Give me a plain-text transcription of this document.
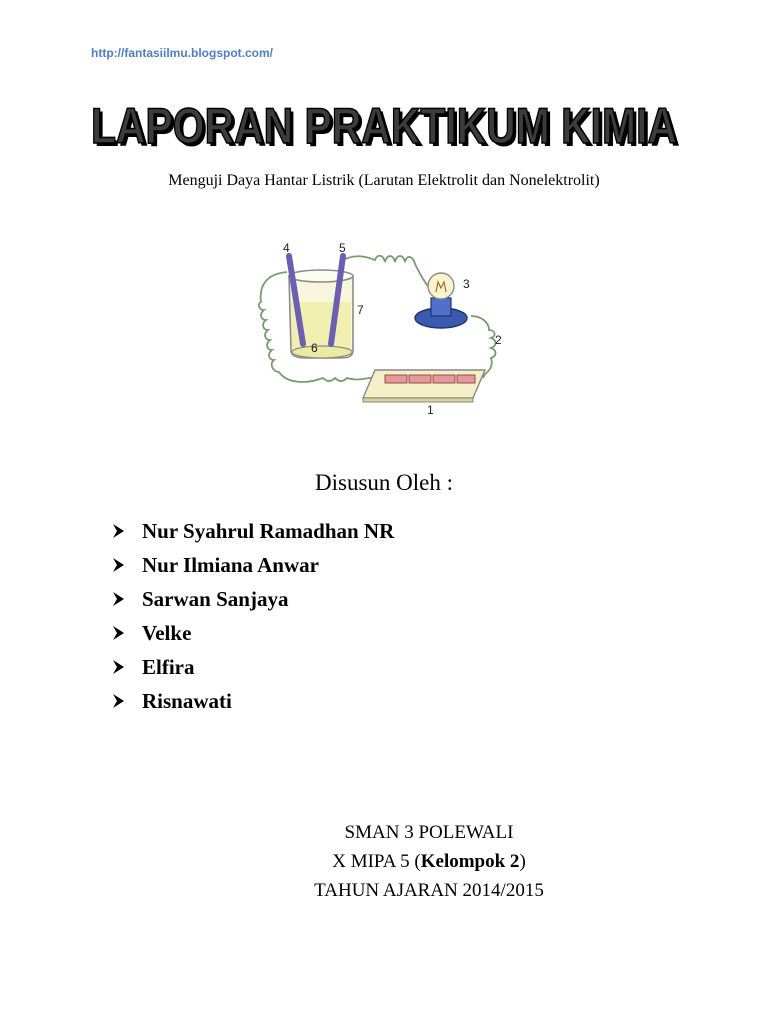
http://fantasiilmu.blogspot.com/
LAPORAN PRAKTIKUM KIMIA
LAPORAN PRAKTIKUM KIMIA
Menguji Daya Hantar Listrik (Larutan Elektrolit dan Nonelektrolit)
1
2
3
4	5
6
7
Disusun Oleh :
Nur Syahrul Ramadhan NR
Nur Ilmiana Anwar
Sarwan Sanjaya
Velke
Elfira
Risnawati
SMAN 3 POLEWALI
X MIPA 5 (Kelompok 2)
TAHUN AJARAN 2014/2015
